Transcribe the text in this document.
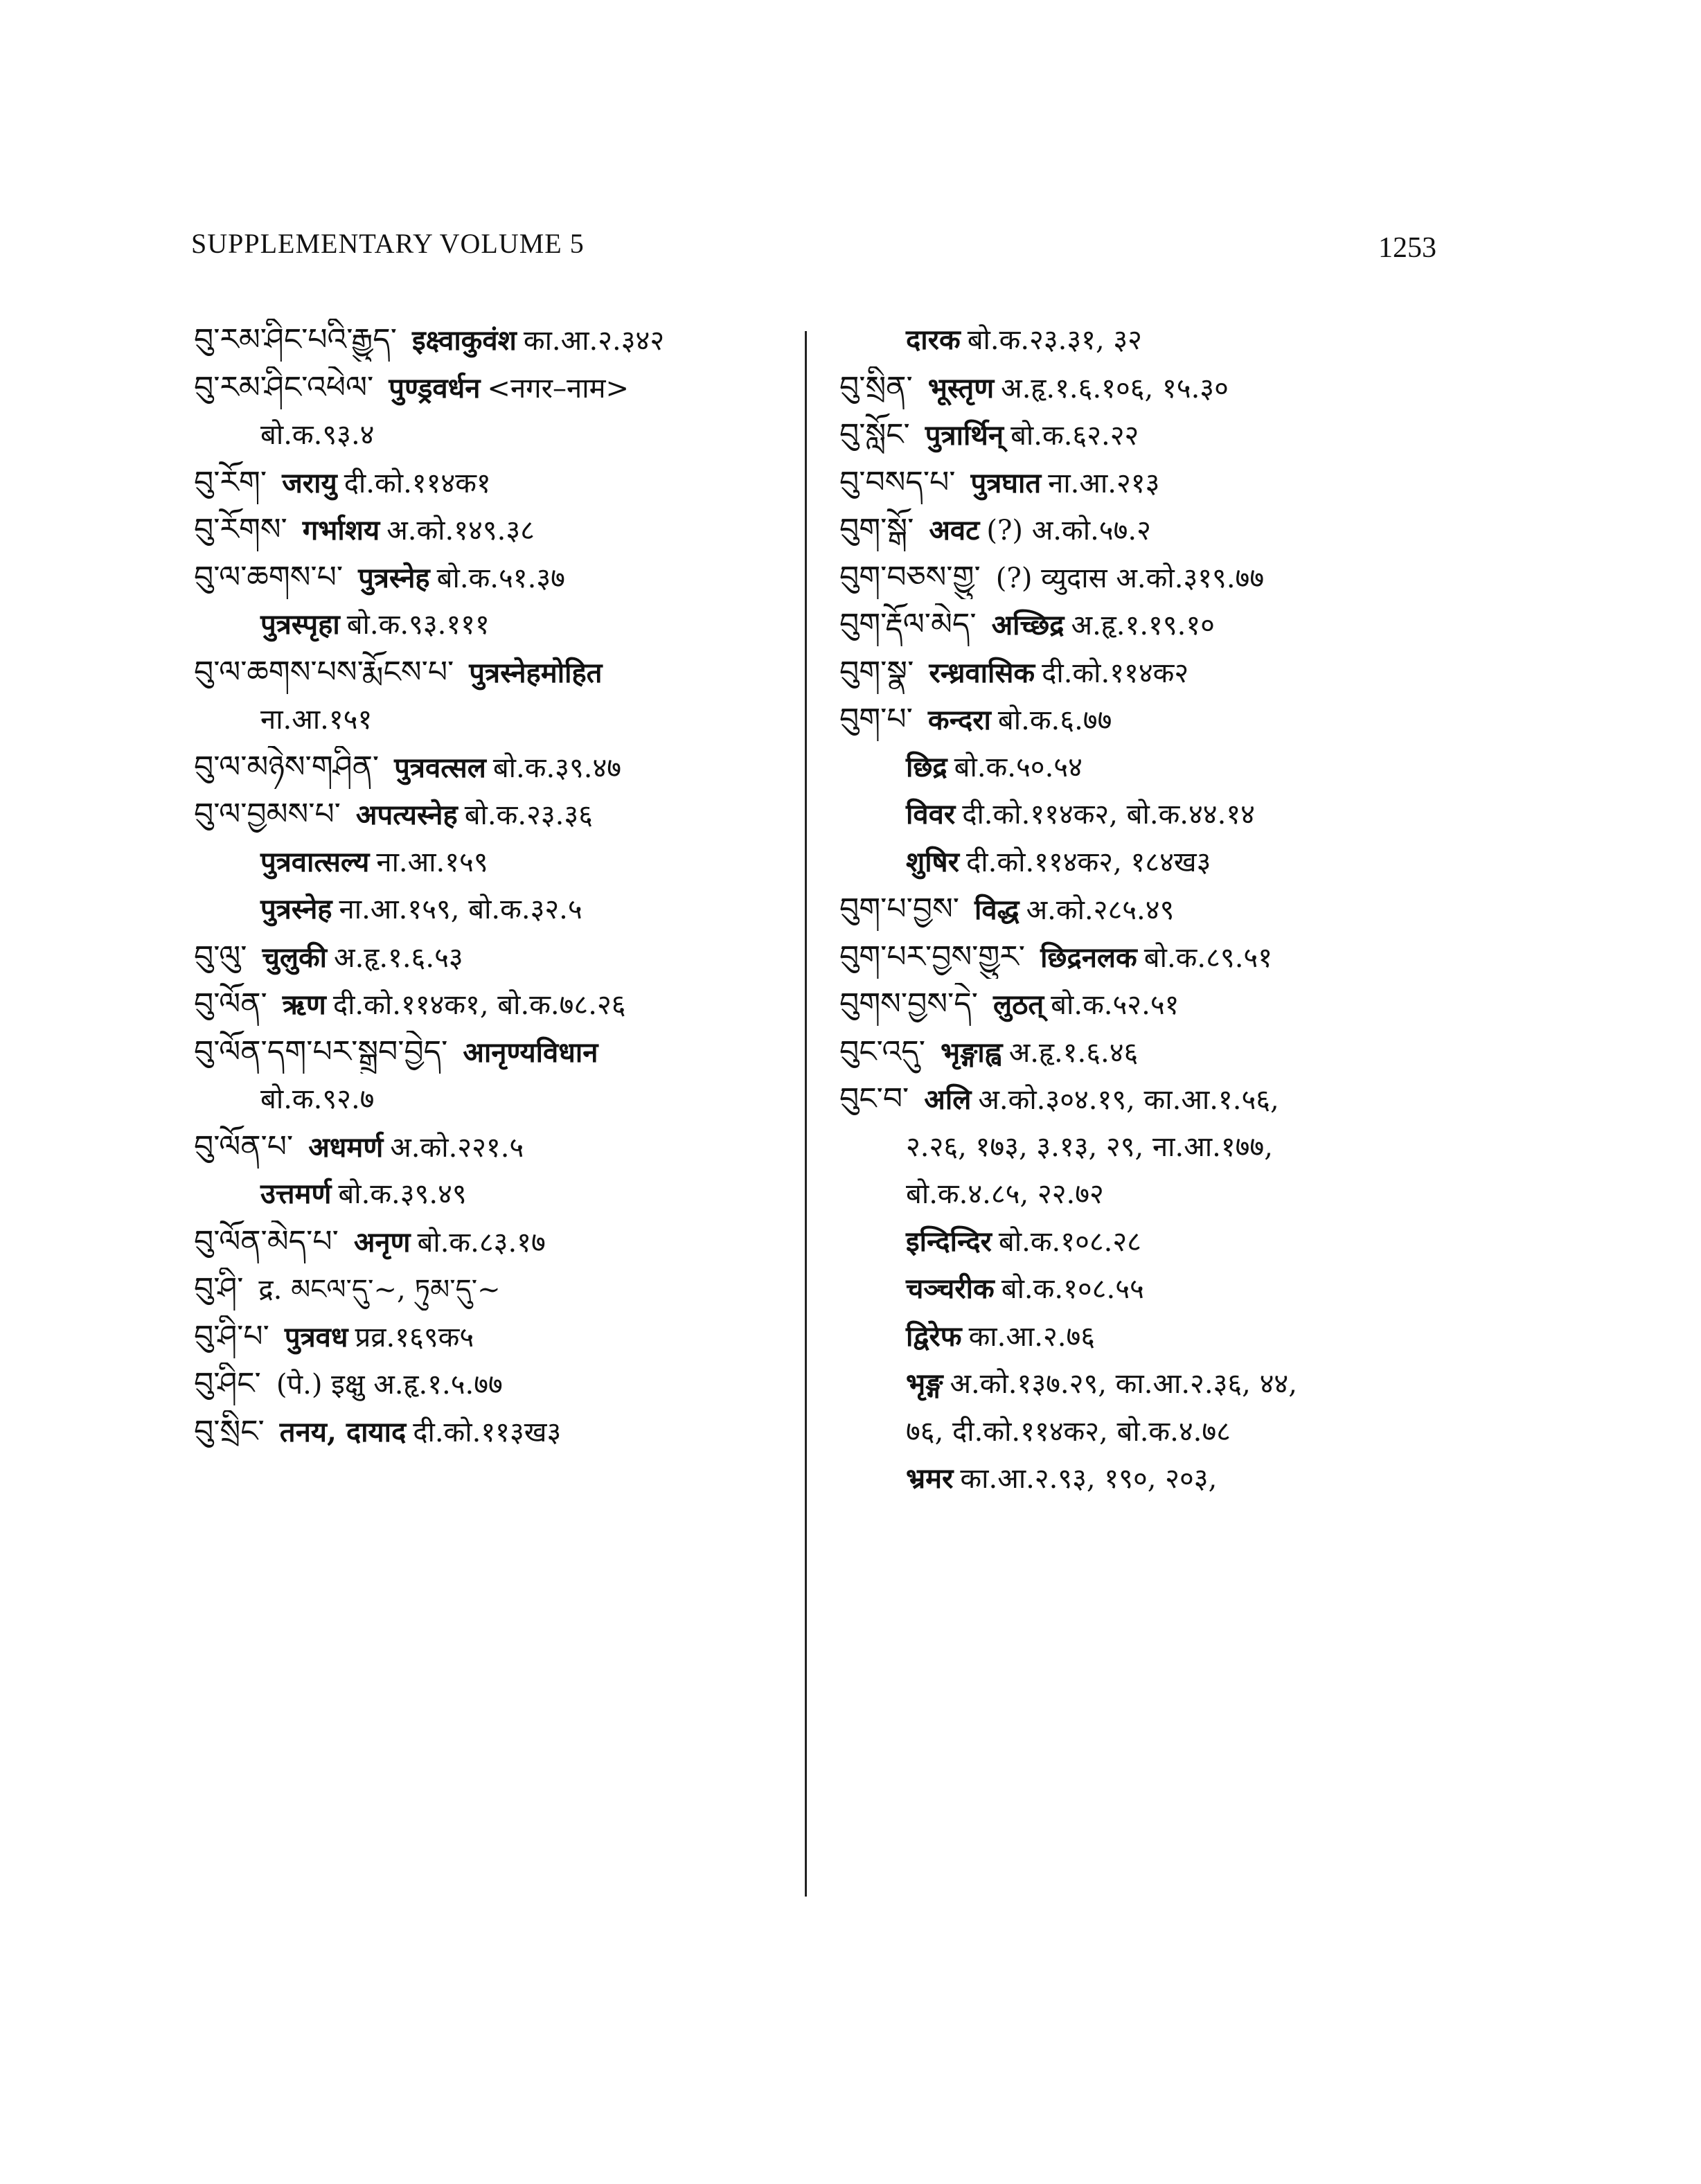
SUPPLEMENTARY VOLUME 5	1253
བུ་རམ་ཤིང་པའི་རྒྱུད་ इक्ष्वाकुवंश का.आ.२.३४२
བུ་རམ་ཤིང་འཕེལ་ पुण्ड्रवर्धन <नगर–नाम>
बो.क.९३.४
བུ་རོག་ जरायु दी.को.११४क१
བུ་རོགས་ गर्भाशय अ.को.१४९.३८
བུ་ལ་ཆགས་པ་ पुत्रस्नेह बो.क.५१.३७
पुत्रस्पृहा बो.क.९३.१११
བུ་ལ་ཆགས་པས་རྨོངས་པ་ पुत्रस्नेहमोहित
ना.आ.१५१
བུ་ལ་མཉེས་གཤིན་ पुत्रवत्सल बो.क.३९.४७
བུ་ལ་བྱམས་པ་ अपत्यस्नेह बो.क.२३.३६
पुत्रवात्सल्य ना.आ.१५९
पुत्रस्नेह ना.आ.१५९, बो.क.३२.५
བུ་ལུ་ चुलुकी अ.हृ.१.६.५३
བུ་ལོན་ ऋण दी.को.११४क१, बो.क.७८.२६
བུ་ལོན་དག་པར་སྒྲུབ་བྱེད་ आनृण्यविधान
बो.क.९२.७
བུ་ལོན་པ་ अधमर्ण अ.को.२२१.५
उत्तमर्ण बो.क.३९.४९
བུ་ལོན་མེད་པ་ अनृण बो.क.८३.१७
བུ་ཤི་ द्र. མངལ་དུ་~, ཏུམ་དུ་~
བུ་ཤི་པ་ पुत्रवध प्रव्र.१६९क५
བུ་ཤིང་ (पे.) इक्षु अ.हृ.१.५.७७
བུ་སྲིང་ तनय, दायाद दी.को.११३ख३
दारक बो.क.२३.३१, ३२
བུ་སྲིན་ भूस्तृण अ.हृ.१.६.१०६, १५.३०
བུ་སློང་ पुत्रार्थिन् बो.क.६२.२२
བུ་བསད་པ་ पुत्रघात ना.आ.२१३
བུག་སྒོ་ अवट (?) अ.को.५७.२
བུག་བཅས་གྱུ་ (?) व्युदास अ.को.३१९.७७
བུག་རྡོལ་མེད་ अच्छिद्र अ.हृ.१.१९.१०
བུག་སྣ་ रन्ध्रवासिक दी.को.११४क२
བུག་པ་ कन्दरा बो.क.६.७७
छिद्र बो.क.५०.५४
विवर दी.को.११४क२, बो.क.४४.१४
शुषिर दी.को.११४क२, १८४ख३
བུག་པ་བྱས་ विद्ध अ.को.२८५.४९
བུག་པར་བྱས་གྱུར་ छिद्रनलक बो.क.८९.५१
བུགས་བྱས་དེ་ लुठत् बो.क.५२.५१
བུང་འདུ་ भृङ्गाह्व अ.हृ.१.६.४६
བུང་བ་ अलि अ.को.३०४.१९, का.आ.१.५६,
२.२६, १७३, ३.१३, २९, ना.आ.१७७,
बो.क.४.८५, २२.७२
इन्दिन्दिर बो.क.१०८.२८
चञ्चरीक बो.क.१०८.५५
द्विरेफ का.आ.२.७६
भृङ्ग अ.को.१३७.२९, का.आ.२.३६, ४४,
७६, दी.को.११४क२, बो.क.४.७८
भ्रमर का.आ.२.९३, १९०, २०३,
